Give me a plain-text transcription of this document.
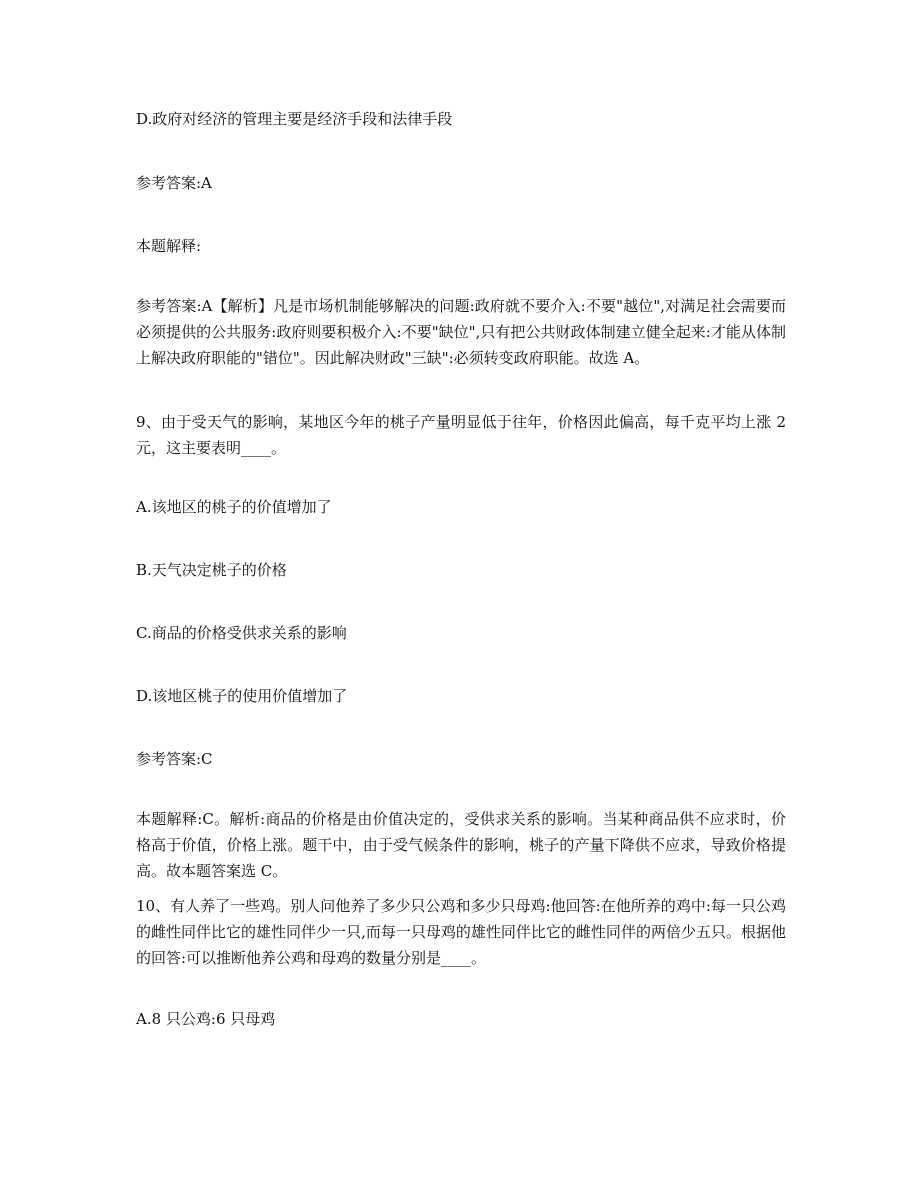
D.政府对经济的管理主要是经济手段和法律手段
参考答案:A
本题解释:
参考答案:A【解析】凡是市场机制能够解决的问题:政府就不要介入:不要"越位",对满足社会需要而必须提供的公共服务:政府则要积极介入:不要"缺位",只有把公共财政体制建立健全起来:才能从体制上解决政府职能的"错位"。因此解决财政"三缺":必须转变政府职能。故选 A。
9、由于受天气的影响，某地区今年的桃子产量明显低于往年，价格因此偏高，每千克平均上涨 2 元，这主要表明____。
A.该地区的桃子的价值增加了
B.天气决定桃子的价格
C.商品的价格受供求关系的影响
D.该地区桃子的使用价值增加了
参考答案:C
本题解释:C。解析:商品的价格是由价值决定的，受供求关系的影响。当某种商品供不应求时，价格高于价值，价格上涨。题干中，由于受气候条件的影响，桃子的产量下降供不应求，导致价格提高。故本题答案选 C。
10、有人养了一些鸡。别人问他养了多少只公鸡和多少只母鸡:他回答:在他所养的鸡中:每一只公鸡的雌性同伴比它的雄性同伴少一只,而每一只母鸡的雄性同伴比它的雌性同伴的两倍少五只。根据他的回答:可以推断他养公鸡和母鸡的数量分别是____。
A.8 只公鸡:6 只母鸡
